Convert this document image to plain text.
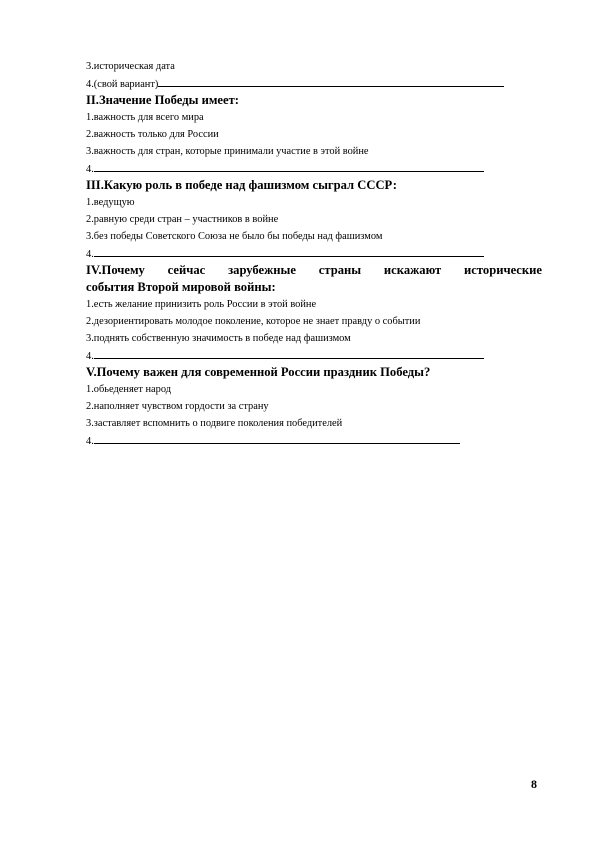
3.историческая дата
4.(свой вариант)
II.Значение Победы имеет:
1.важность для всего мира
2.важность только для России
3.важность для стран, которые принимали участие в этой войне
4.
III.Какую роль в победе над фашизмом сыграл СССР:
1.ведущую
2.равную среди стран – участников в войне
3.без победы Советского Союза не было бы победы над фашизмом
4.
IV.Почему сейчас зарубежные страны искажают исторические
события Второй мировой войны:
1.есть желание принизить роль России в этой войне
2.дезориентировать молодое поколение, которое не знает правду о событии
3.поднять собственную значимость в победе над фашизмом
4.
V.Почему важен для современной России праздник Победы?
1.обьеденяет народ
2.наполняет чувством гордости за страну
3.заставляет вспомнить о подвиге поколения победителей
4.
8
